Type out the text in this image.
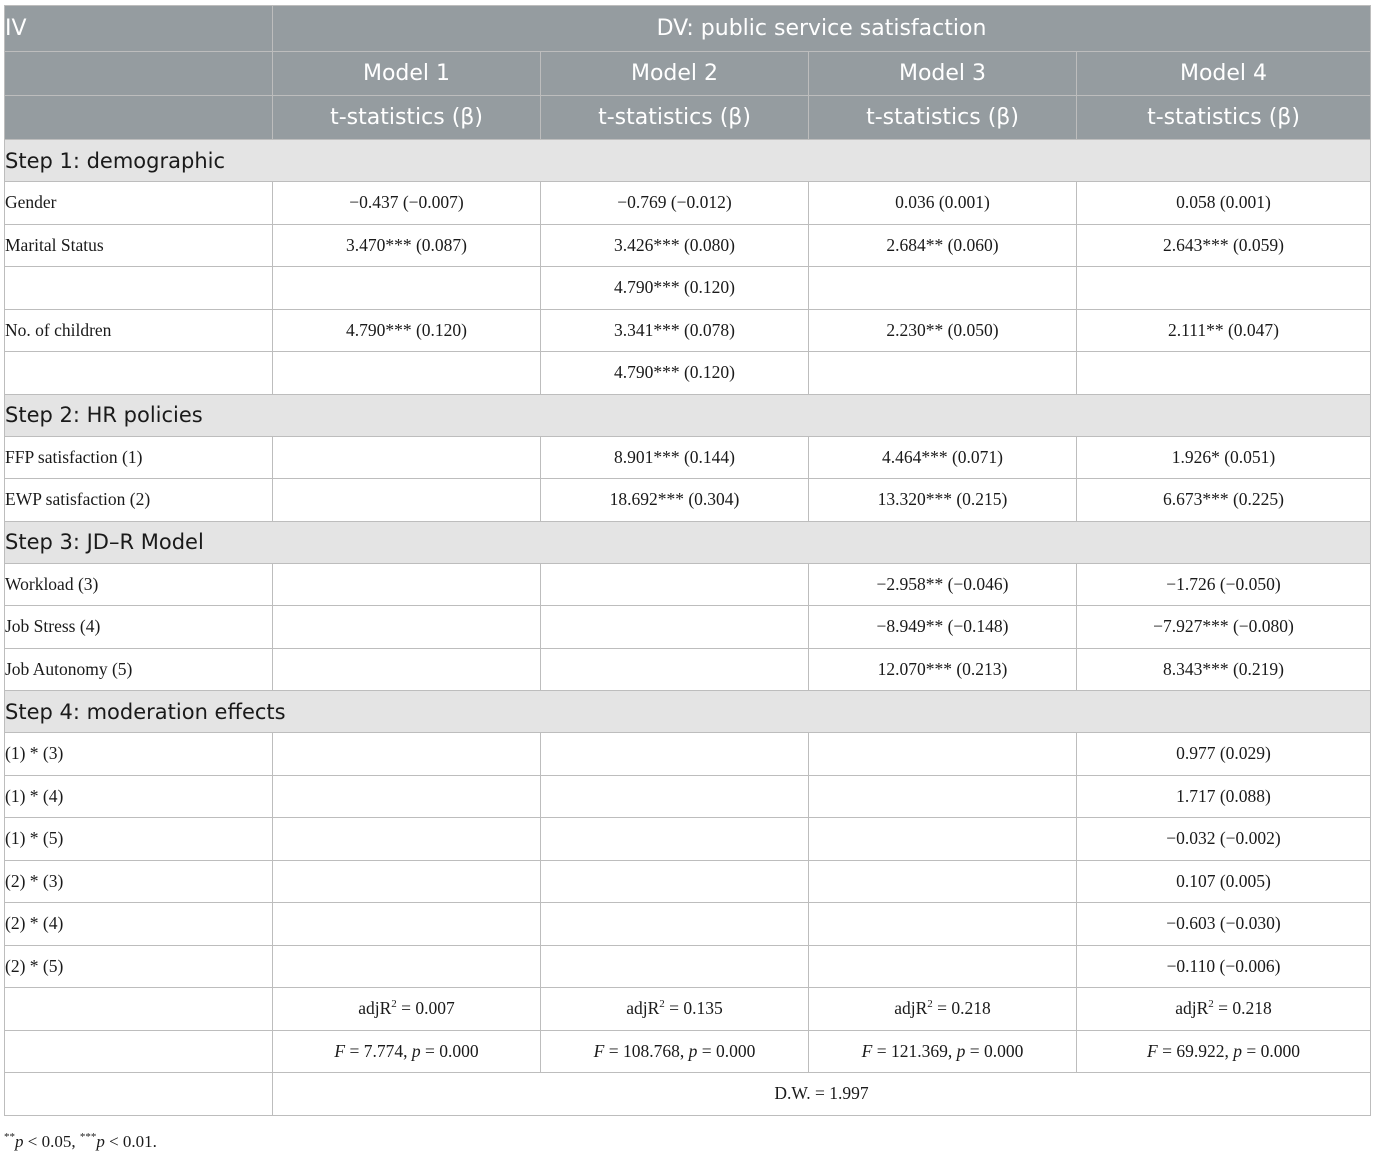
IV	DV: public service satisfaction			
	Model 1	Model 2	Model 3	Model 4
	t-statistics (β)	t-statistics (β)	t-statistics (β)	t-statistics (β)
Step 1: demographic				
Gender	−0.437 (−0.007)	−0.769 (−0.012)	0.036 (0.001)	0.058 (0.001)
Marital Status	3.470*** (0.087)	3.426*** (0.080)	2.684** (0.060)	2.643*** (0.059)
		4.790*** (0.120)		
No. of children	4.790*** (0.120)	3.341*** (0.078)	2.230** (0.050)	2.111** (0.047)
		4.790*** (0.120)		
Step 2: HR policies				
FFP satisfaction (1)		8.901*** (0.144)	4.464*** (0.071)	1.926* (0.051)
EWP satisfaction (2)		18.692*** (0.304)	13.320*** (0.215)	6.673*** (0.225)
Step 3: JD–R Model				
Workload (3)			−2.958** (−0.046)	−1.726 (−0.050)
Job Stress (4)			−8.949** (−0.148)	−7.927*** (−0.080)
Job Autonomy (5)			12.070*** (0.213)	8.343*** (0.219)
Step 4: moderation effects				
(1) * (3)				0.977 (0.029)
(1) * (4)				1.717 (0.088)
(1) * (5)				−0.032 (−0.002)
(2) * (3)				0.107 (0.005)
(2) * (4)				−0.603 (−0.030)
(2) * (5)				−0.110 (−0.006)
	adjR$^2$ = 0.007	adjR$^2$ = 0.135	adjR$^2$ = 0.218	adjR$^2$ = 0.218
	F = 7.774, p = 0.000	F = 108.768, p = 0.000	F = 121.369, p = 0.000	F = 69.922, p = 0.000
	D.W. = 1.997			
**p < 0.05, ***p < 0.01.
